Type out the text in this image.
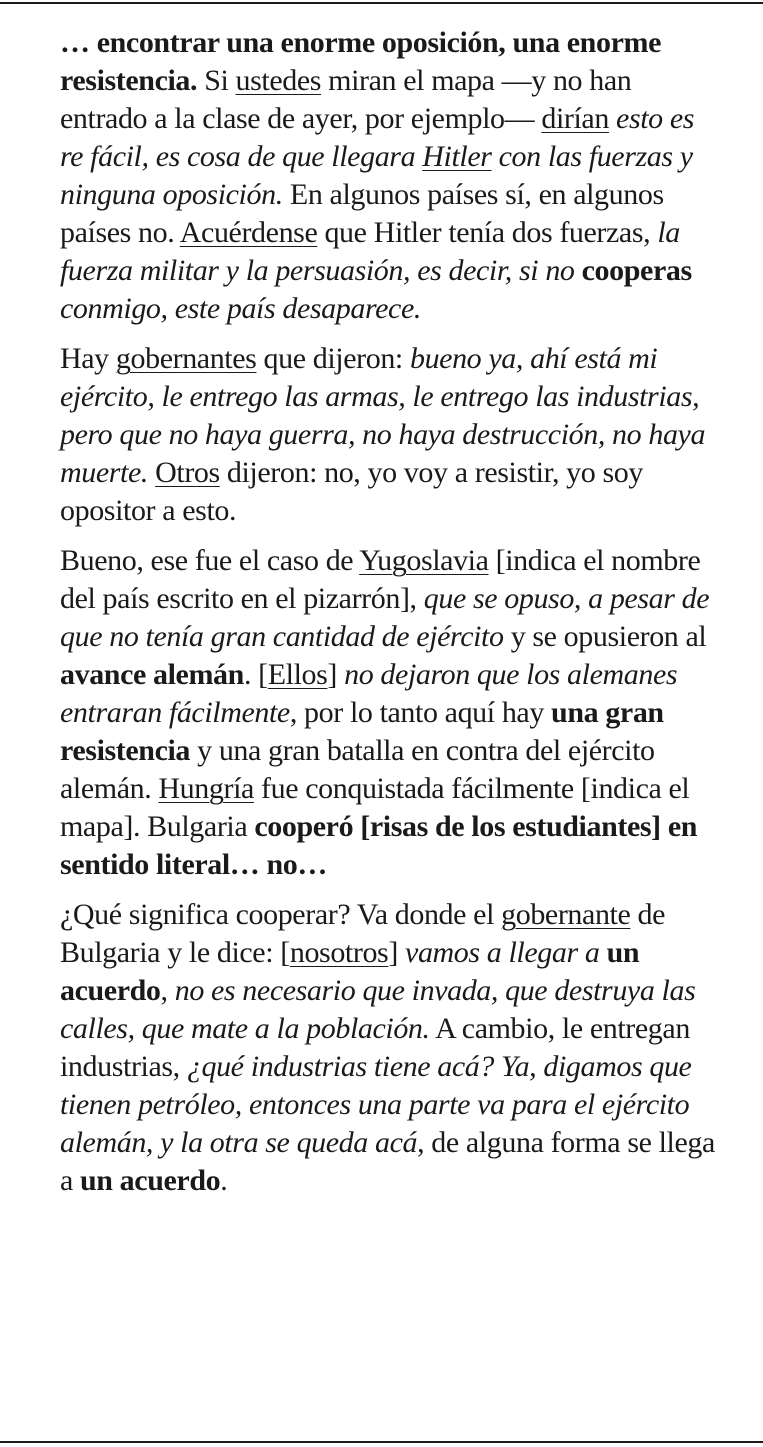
… encontrar una enorme oposición, una enorme resistencia. Si ustedes miran el mapa —y no han entrado a la clase de ayer, por ejemplo— dirían esto es re fácil, es cosa de que llegara Hitler con las fuerzas y ninguna oposición. En algunos países sí, en algunos países no. Acuérdense que Hitler tenía dos fuerzas, la fuerza militar y la persuasión, es decir, si no cooperas conmigo, este país desaparece.

Hay gobernantes que dijeron: bueno ya, ahí está mi ejército, le entrego las armas, le entrego las industrias, pero que no haya guerra, no haya destrucción, no haya muerte. Otros dijeron: no, yo voy a resistir, yo soy opositor a esto.

Bueno, ese fue el caso de Yugoslavia [indica el nombre del país escrito en el pizarrón], que se opuso, a pesar de que no tenía gran cantidad de ejército y se opusieron al avance alemán. [Ellos] no dejaron que los alemanes entraran fácilmente, por lo tanto aquí hay una gran resistencia y una gran batalla en contra del ejército alemán. Hungría fue conquistada fácilmente [indica el mapa]. Bulgaria cooperó [risas de los estudiantes] en sentido literal… no…

¿Qué significa cooperar? Va donde el gobernante de Bulgaria y le dice: [nosotros] vamos a llegar a un acuerdo, no es necesario que invada, que destruya las calles, que mate a la población. A cambio, le entregan industrias, ¿qué industrias tiene acá? Ya, digamos que tienen petróleo, entonces una parte va para el ejército alemán, y la otra se queda acá, de alguna forma se llega a un acuerdo.
